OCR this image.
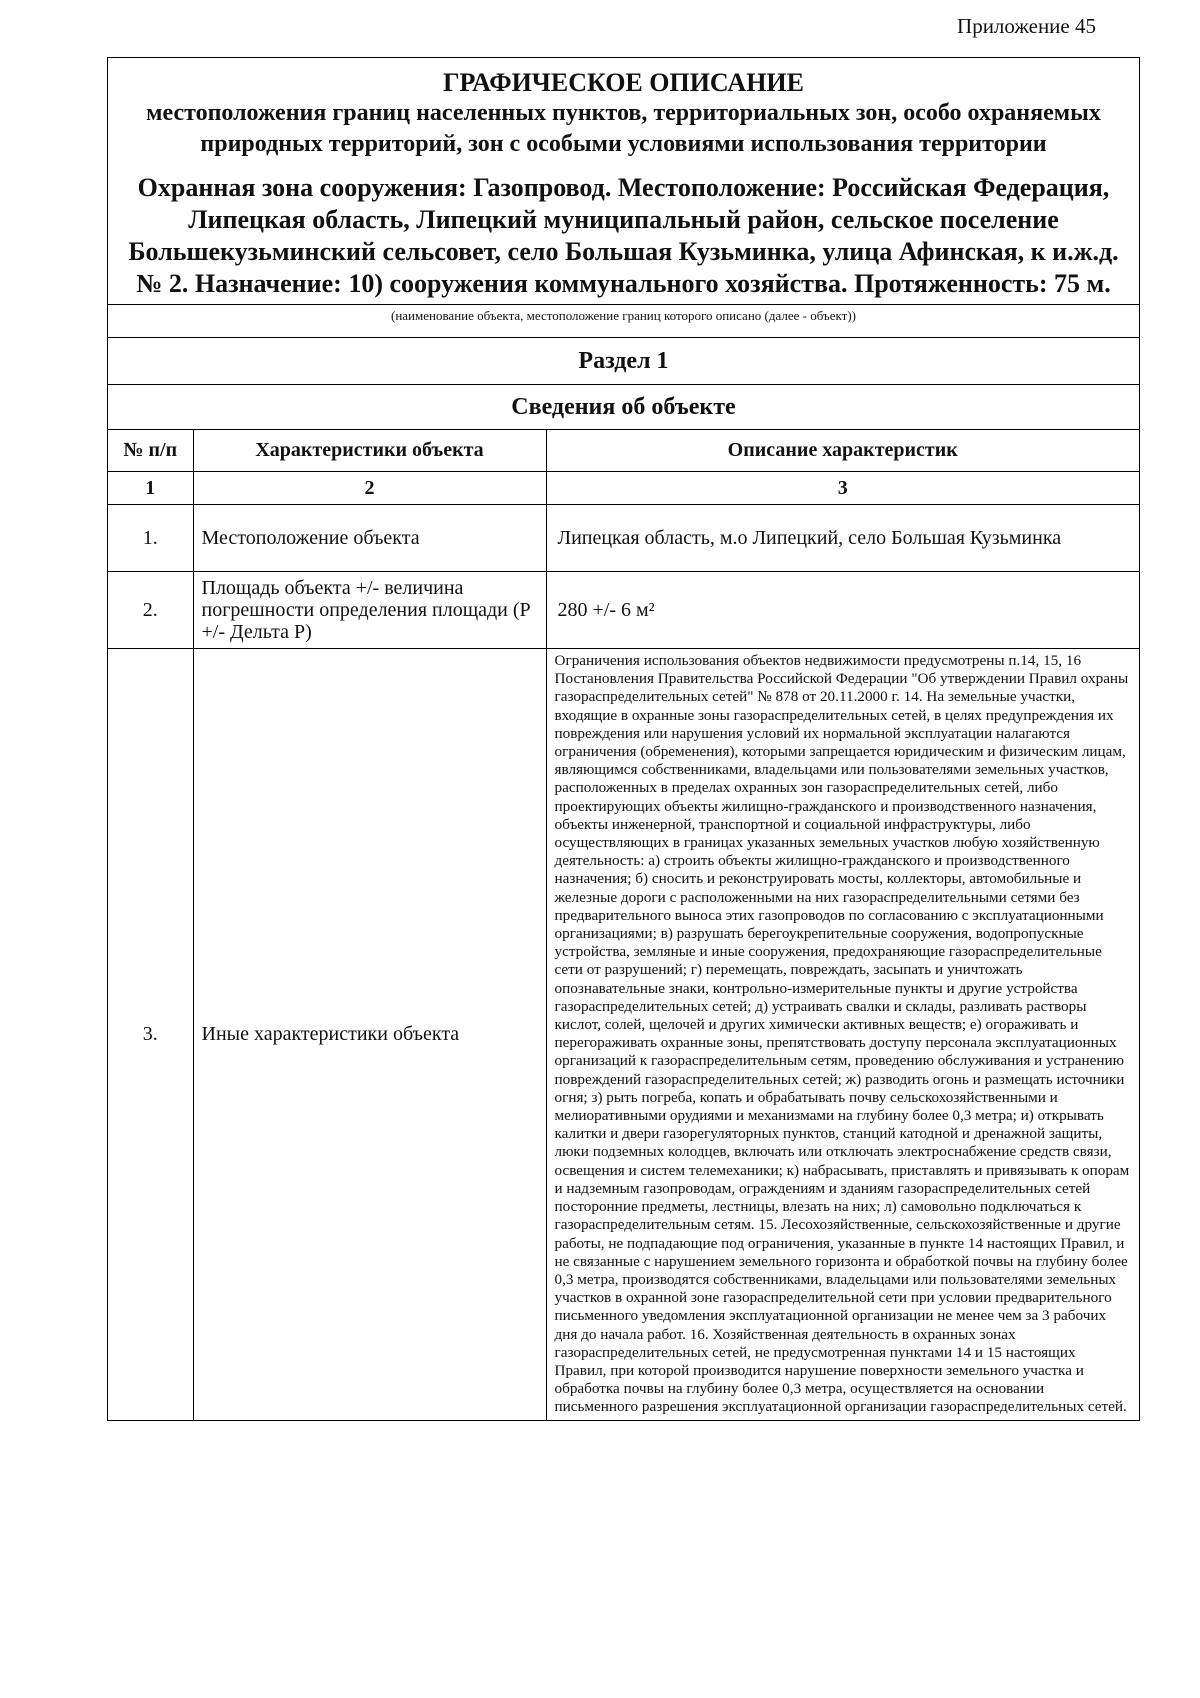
Приложение 45
ГРАФИЧЕСКОЕ ОПИСАНИЕ
местоположения границ населенных пунктов, территориальных зон, особо охраняемых природных территорий, зон с особыми условиями использования территории
Охранная зона сооружения: Газопровод. Местоположение: Российская Федерация, Липецкая область, Липецкий муниципальный район, сельское поселение Большекузьминский сельсовет, село Большая Кузьминка, улица Афинская, к и.ж.д. № 2. Назначение: 10) сооружения коммунального хозяйства. Протяженность: 75 м.
(наименование объекта, местоположение границ которого описано (далее - объект))
Раздел 1
Сведения об объекте
№ п/п	Характеристики объекта	Описание характеристик
1	2	3
1.	Местоположение объекта	Липецкая область, м.о Липецкий, село Большая Кузьминка
2.	Площадь объекта +/- величина погрешности определения площади (Р +/- Дельта Р)	280 +/- 6 м²
3.	Иные характеристики объекта	Ограничения использования объектов недвижимости предусмотрены п.14, 15, 16 Постановления Правительства Российской Федерации "Об утверждении Правил охраны газораспределительных сетей" № 878 от 20.11.2000 г. 14. На земельные участки, входящие в охранные зоны газораспределительных сетей, в целях предупреждения их повреждения или нарушения условий их нормальной эксплуатации налагаются ограничения (обременения), которыми запрещается юридическим и физическим лицам, являющимся собственниками, владельцами или пользователями земельных участков, расположенных в пределах охранных зон газораспределительных сетей, либо проектирующих объекты жилищно-гражданского и производственного назначения, объекты инженерной, транспортной и социальной инфраструктуры, либо осуществляющих в границах указанных земельных участков любую хозяйственную деятельность: а) строить объекты жилищно-гражданского и производственного назначения; б) сносить и реконструировать мосты, коллекторы, автомобильные и железные дороги с расположенными на них газораспределительными сетями без предварительного выноса этих газопроводов по согласованию с эксплуатационными организациями; в) разрушать берегоукрепительные сооружения, водопропускные устройства, земляные и иные сооружения, предохраняющие газораспределительные сети от разрушений; г) перемещать, повреждать, засыпать и уничтожать опознавательные знаки, контрольно-измерительные пункты и другие устройства газораспределительных сетей; д) устраивать свалки и склады, разливать растворы кислот, солей, щелочей и других химически активных веществ; е) огораживать и перегораживать охранные зоны, препятствовать доступу персонала эксплуатационных организаций к газораспределительным сетям, проведению обслуживания и устранению повреждений газораспределительных сетей; ж) разводить огонь и размещать источники огня; з) рыть погреба, копать и обрабатывать почву сельскохозяйственными и мелиоративными орудиями и механизмами на глубину более 0,3 метра; и) открывать калитки и двери газорегуляторных пунктов, станций катодной и дренажной защиты, люки подземных колодцев, включать или отключать электроснабжение средств связи, освещения и систем телемеханики; к) набрасывать, приставлять и привязывать к опорам и надземным газопроводам, ограждениям и зданиям газораспределительных сетей посторонние предметы, лестницы, влезать на них; л) самовольно подключаться к газораспределительным сетям. 15. Лесохозяйственные, сельскохозяйственные и другие работы, не подпадающие под ограничения, указанные в пункте 14 настоящих Правил, и не связанные с нарушением земельного горизонта и обработкой почвы на глубину более 0,3 метра, производятся собственниками, владельцами или пользователями земельных участков в охранной зоне газораспределительной сети при условии предварительного письменного уведомления эксплуатационной организации не менее чем за 3 рабочих дня до начала работ. 16. Хозяйственная деятельность в охранных зонах газораспределительных сетей, не предусмотренная пунктами 14 и 15 настоящих Правил, при которой производится нарушение поверхности земельного участка и обработка почвы на глубину более 0,3 метра, осуществляется на основании письменного разрешения эксплуатационной организации газораспределительных сетей.
